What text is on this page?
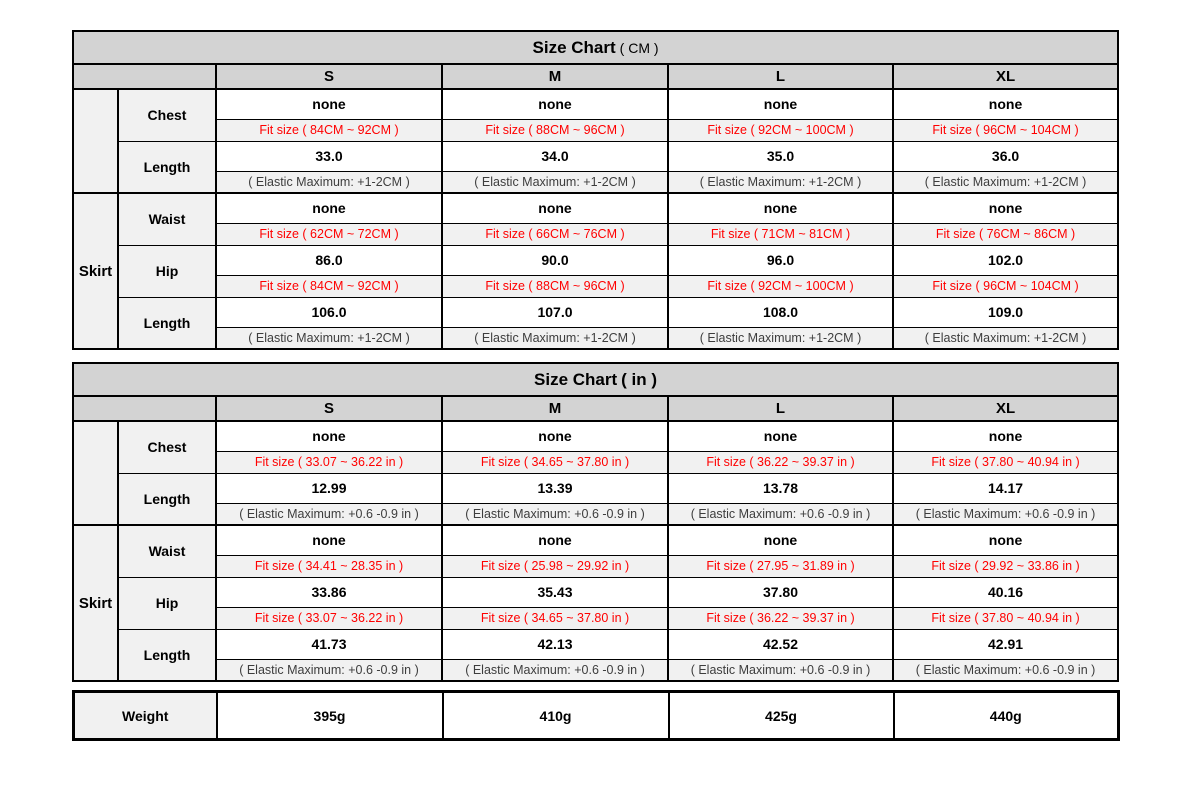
Size Chart ( CM )					
		S	M	L	XL
	Chest	none	none	none	none
		Fit size ( 84CM ~ 92CM )	Fit size ( 88CM ~ 96CM )	Fit size ( 92CM ~ 100CM )	Fit size ( 96CM ~ 104CM )
	Length	33.0	34.0	35.0	36.0
		( Elastic Maximum: +1-2CM )	( Elastic Maximum: +1-2CM )	( Elastic Maximum: +1-2CM )	( Elastic Maximum: +1-2CM )
Skirt	Waist	none	none	none	none
		Fit size ( 62CM ~ 72CM )	Fit size ( 66CM ~ 76CM )	Fit size ( 71CM ~ 81CM )	Fit size ( 76CM ~ 86CM )
	Hip	86.0	90.0	96.0	102.0
		Fit size ( 84CM ~ 92CM )	Fit size ( 88CM ~ 96CM )	Fit size ( 92CM ~ 100CM )	Fit size ( 96CM ~ 104CM )
	Length	106.0	107.0	108.0	109.0
		( Elastic Maximum: +1-2CM )	( Elastic Maximum: +1-2CM )	( Elastic Maximum: +1-2CM )	( Elastic Maximum: +1-2CM )
Size Chart ( in )					
		S	M	L	XL
	Chest	none	none	none	none
		Fit size ( 33.07 ~ 36.22 in )	Fit size ( 34.65 ~ 37.80 in )	Fit size ( 36.22 ~ 39.37 in )	Fit size ( 37.80 ~ 40.94 in )
	Length	12.99	13.39	13.78	14.17
		( Elastic Maximum: +0.6 -0.9 in )	( Elastic Maximum: +0.6 -0.9 in )	( Elastic Maximum: +0.6 -0.9 in )	( Elastic Maximum: +0.6 -0.9 in )
Skirt	Waist	none	none	none	none
		Fit size ( 34.41 ~ 28.35 in )	Fit size ( 25.98 ~ 29.92 in )	Fit size ( 27.95 ~ 31.89 in )	Fit size ( 29.92 ~ 33.86 in )
	Hip	33.86	35.43	37.80	40.16
		Fit size ( 33.07 ~ 36.22 in )	Fit size ( 34.65 ~ 37.80 in )	Fit size ( 36.22 ~ 39.37 in )	Fit size ( 37.80 ~ 40.94 in )
	Length	41.73	42.13	42.52	42.91
		( Elastic Maximum: +0.6 -0.9 in )	( Elastic Maximum: +0.6 -0.9 in )	( Elastic Maximum: +0.6 -0.9 in )	( Elastic Maximum: +0.6 -0.9 in )
Weight	395g	410g	425g	440g
